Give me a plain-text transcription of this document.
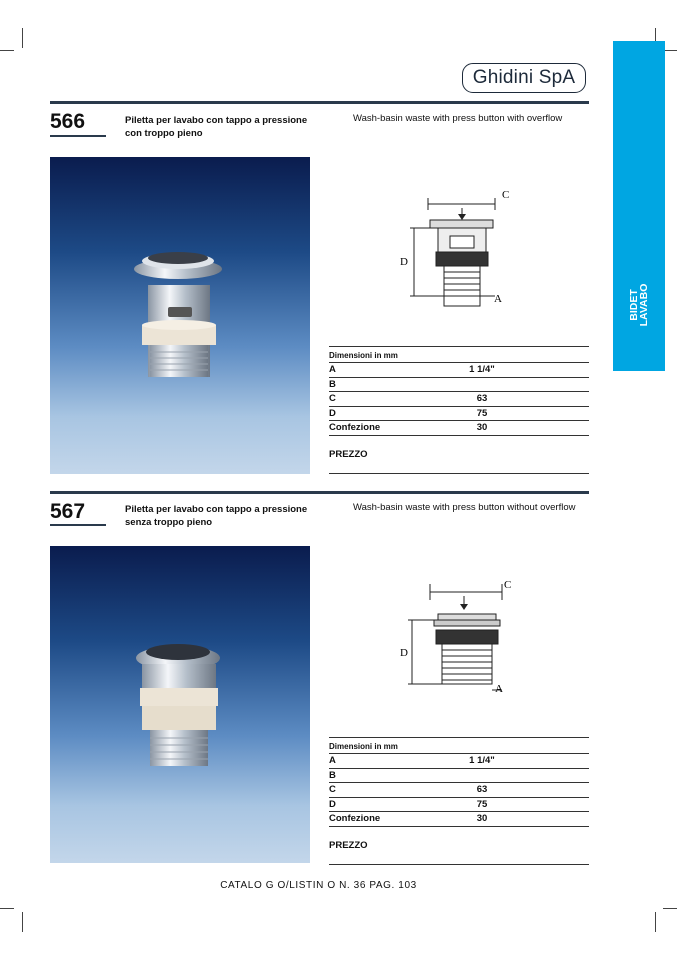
BIDET
LAVABO
Ghidini SpA
566	Piletta per lavabo con tappo a pressione
con troppo pieno
Wash-basin waste with press button with overflow
C
D
A
Dimensioni in mm
A	1 1/4"
B
C	63
D	75
Confezione	30
PREZZO
567	Piletta per lavabo con tappo a pressione
senza troppo pieno
Wash-basin waste with press button without overflow
C
D
A
Dimensioni in mm
A	1 1/4"
B
C	63
D	75
Confezione	30
PREZZO
CATALO G O/LISTIN O N. 36 PAG. 103
